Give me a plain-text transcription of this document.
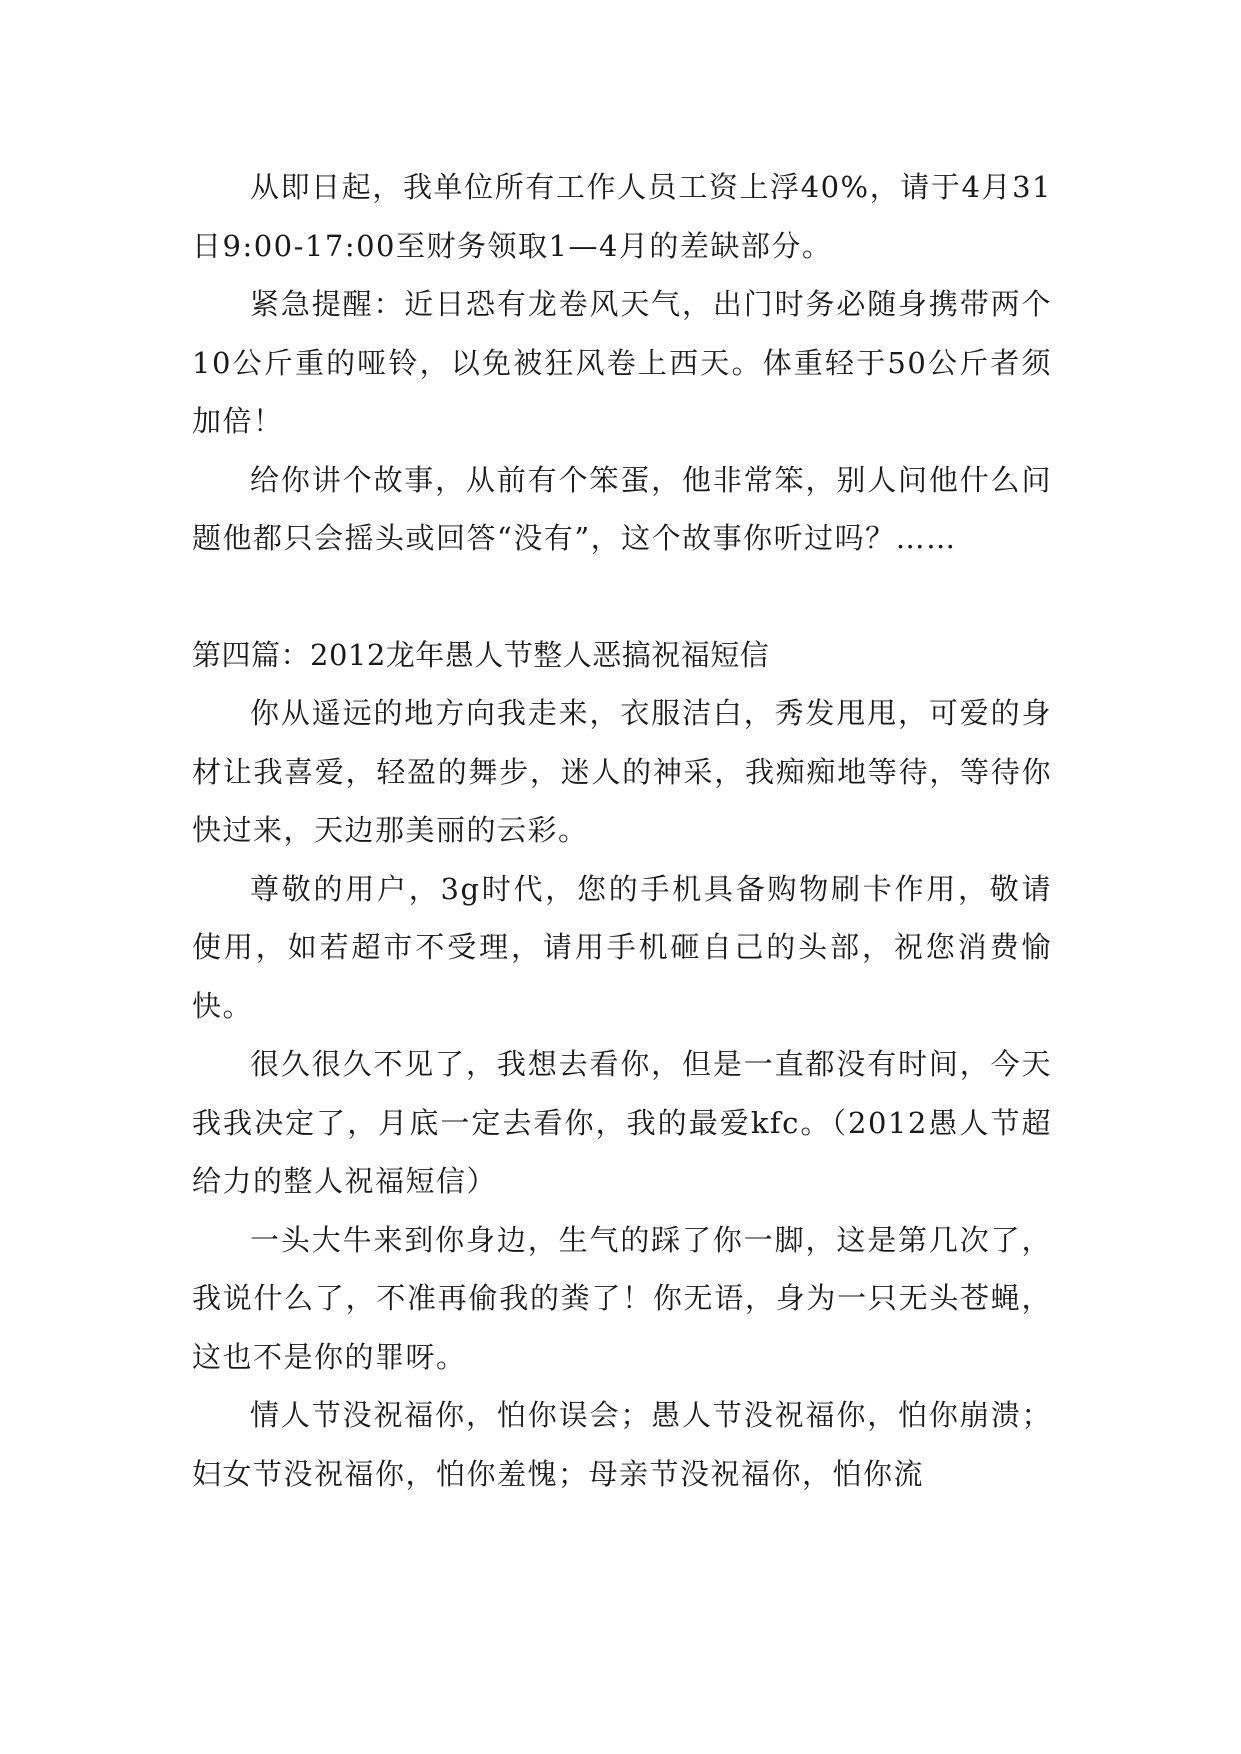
从即日起，我单位所有工作人员工资上浮40%，请于4月31日9:00-17:00至财务领取1—4月的差缺部分。

紧急提醒：近日恐有龙卷风天气，出门时务必随身携带两个10公斤重的哑铃，以免被狂风卷上西天。体重轻于50公斤者须加倍！

给你讲个故事，从前有个笨蛋，他非常笨，别人问他什么问题他都只会摇头或回答“没有”，这个故事你听过吗？……

第四篇：2012龙年愚人节整人恶搞祝福短信

你从遥远的地方向我走来，衣服洁白，秀发甩甩，可爱的身材让我喜爱，轻盈的舞步，迷人的神采，我痴痴地等待，等待你快过来，天边那美丽的云彩。

尊敬的用户，3g时代，您的手机具备购物刷卡作用，敬请使用，如若超市不受理，请用手机砸自己的头部，祝您消费愉快。

很久很久不见了，我想去看你，但是一直都没有时间，今天我我决定了，月底一定去看你，我的最爱kfc。（2012愚人节超给力的整人祝福短信）

一头大牛来到你身边，生气的踩了你一脚，这是第几次了，我说什么了，不准再偷我的粪了！你无语，身为一只无头苍蝇，这也不是你的罪呀。

情人节没祝福你，怕你误会；愚人节没祝福你，怕你崩溃；妇女节没祝福你，怕你羞愧；母亲节没祝福你，怕你流
